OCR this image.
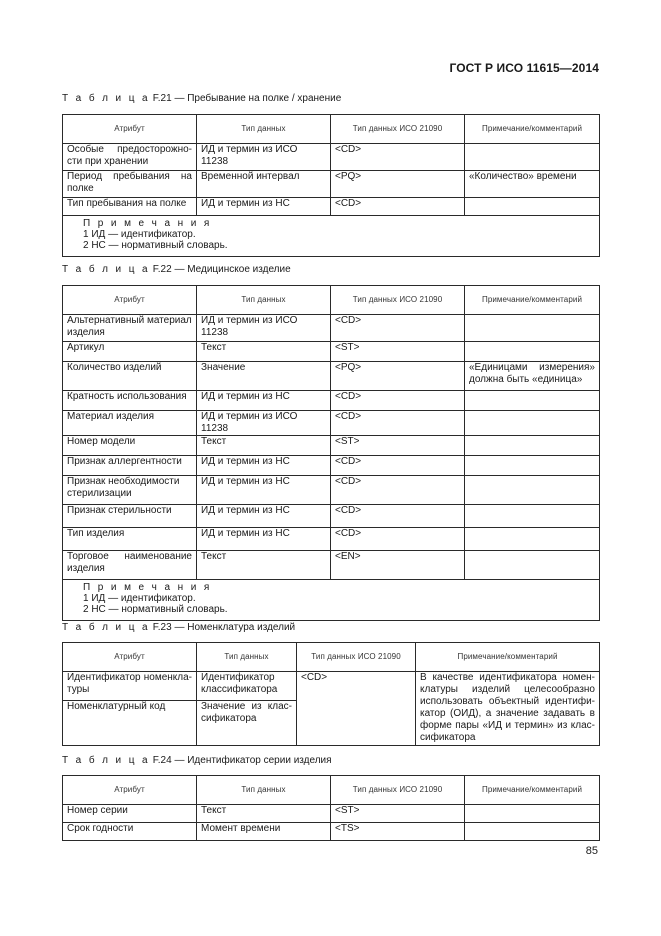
ГОСТ Р ИСО 11615—2014
Т а б л и ц а F.21 — Пребывание на полке / хранение
Атрибут	Тип данных	Тип данных ИСО 21090	Примечание/комментарий
Особые предосторожно-сти при хранении	ИД и термин из ИСО 11238	<CD>	
Период пребывания на полке	Временной интервал	<PQ>	«Количество» времени
Тип пребывания на полке	ИД и термин из НС	<CD>	

П р и м е ч а н и я
1 ИД — идентификатор.
2 НС — нормативный словарь.			
Т а б л и ц а F.22 — Медицинское изделие
Атрибут	Тип данных	Тип данных ИСО 21090	Примечание/комментарий
Альтернативный материал изделия	ИД и термин из ИСО 11238	<CD>	
Артикул	Текст	<ST>	
Количество изделий	Значение	<PQ>	«Единицами измерения» должна быть «единица»
Кратность использования	ИД и термин из НС	<CD>	
Материал изделия	ИД и термин из ИСО 11238	<CD>	
Номер модели	Текст	<ST>	
Признак аллергентности	ИД и термин из НС	<CD>	
Признак необходимости стерилизации	ИД и термин из НС	<CD>	
Признак стерильности	ИД и термин из НС	<CD>	
Тип изделия	ИД и термин из НС	<CD>	
Торговое наименование изделия	Текст	<EN>	

П р и м е ч а н и я
1 ИД — идентификатор.
2 НС — нормативный словарь.			
Т а б л и ц а F.23 — Номенклатура изделий
Атрибут	Тип данных	Тип данных ИСО 21090	Примечание/комментарий
Идентификатор номенкла-туры	Идентификатор классификатора	<CD>	В качестве идентификатора номен-клатуры изделий целесообразно использовать объектный идентифи-катор (ОИД), а значение задавать в форме пары «ИД и термин» из клас-сификатора
Номенклатурный код	Значение из клас-сификатора		
Т а б л и ц а F.24 — Идентификатор серии изделия
Атрибут	Тип данных	Тип данных ИСО 21090	Примечание/комментарий
Номер серии	Текст	<ST>	
Срок годности	Момент времени	<TS>	
85
